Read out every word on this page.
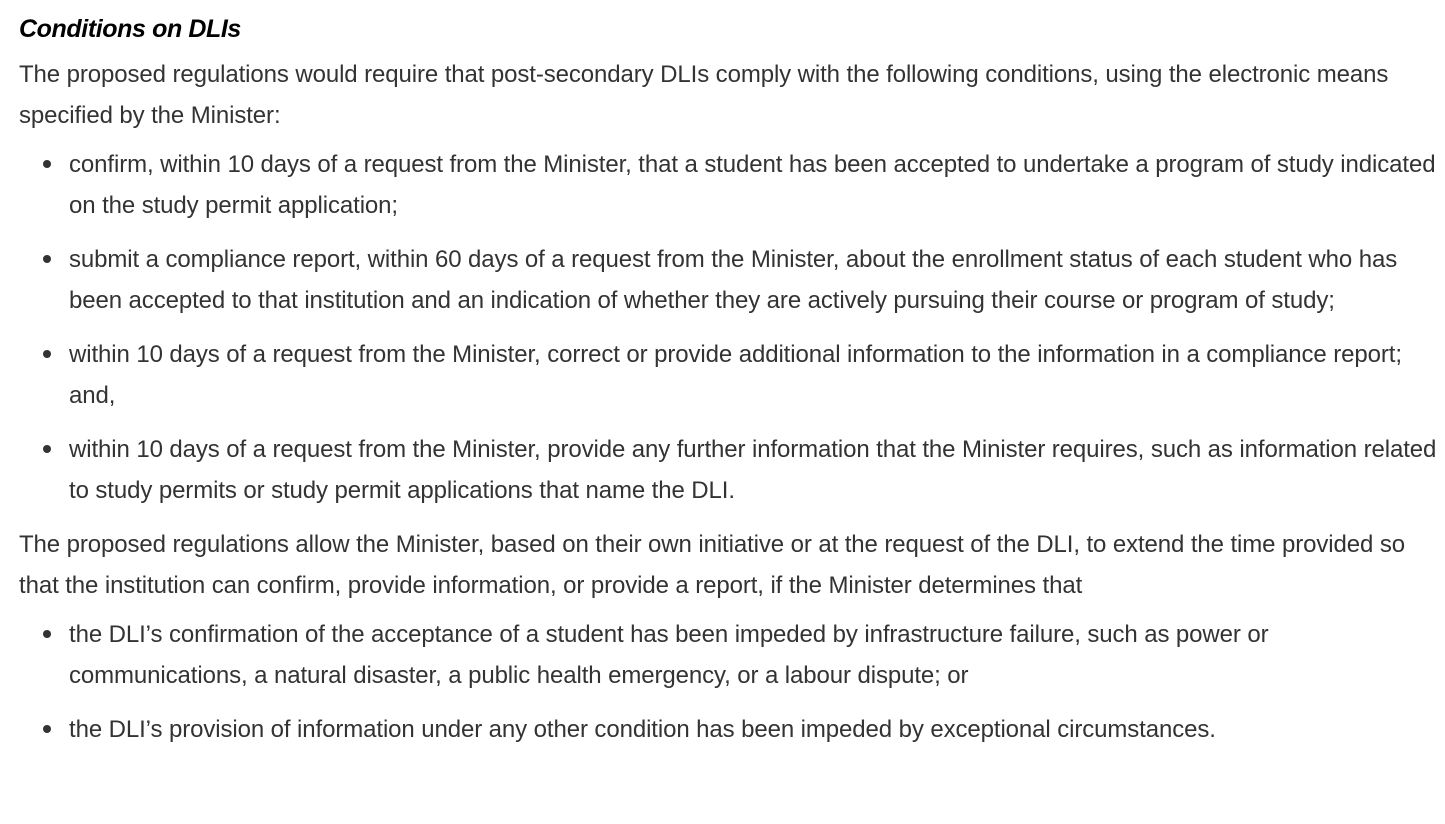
Conditions on DLIs

The proposed regulations would require that post-secondary DLIs comply with the following conditions, using the electronic means specified by the Minister:

confirm, within 10 days of a request from the Minister, that a student has been accepted to undertake a program of study indicated on the study permit application;
submit a compliance report, within 60 days of a request from the Minister, about the enrollment status of each student who has been accepted to that institution and an indication of whether they are actively pursuing their course or program of study;
within 10 days of a request from the Minister, correct or provide additional information to the information in a compliance report; and,
within 10 days of a request from the Minister, provide any further information that the Minister requires, such as information related to study permits or study permit applications that name the DLI.

The proposed regulations allow the Minister, based on their own initiative or at the request of the DLI, to extend the time provided so that the institution can confirm, provide information, or provide a report, if the Minister determines that

the DLI’s confirmation of the acceptance of a student has been impeded by infrastructure failure, such as power or communications, a natural disaster, a public health emergency, or a labour dispute; or
the DLI’s provision of information under any other condition has been impeded by exceptional circumstances.
